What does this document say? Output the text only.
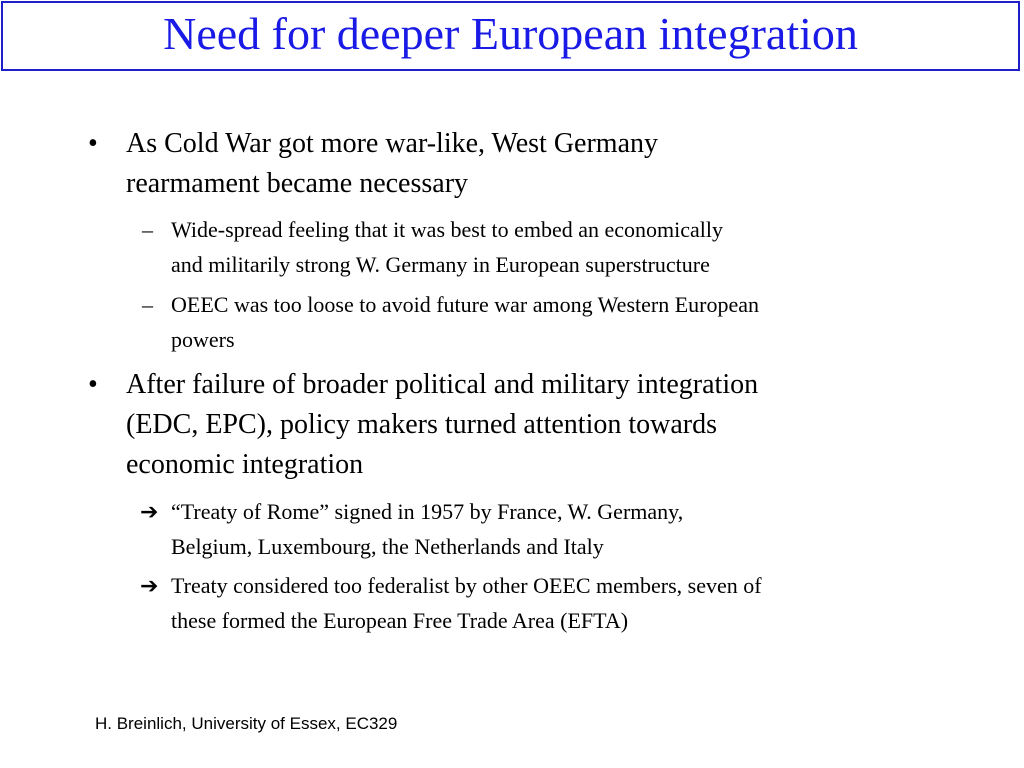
Need for deeper European integration
• As Cold War got more war-like, West Germany
rearmament became necessary
– Wide-spread feeling that it was best to embed an economically
and militarily strong W. Germany in European superstructure
– OEEC was too loose to avoid future war among Western European
powers
• After failure of broader political and military integration
(EDC, EPC), policy makers turned attention towards
economic integration
➔ “Treaty of Rome” signed in 1957 by France, W. Germany,
Belgium, Luxembourg, the Netherlands and Italy
➔ Treaty considered too federalist by other OEEC members, seven of
these formed the European Free Trade Area (EFTA)
H. Breinlich, University of Essex, EC329
